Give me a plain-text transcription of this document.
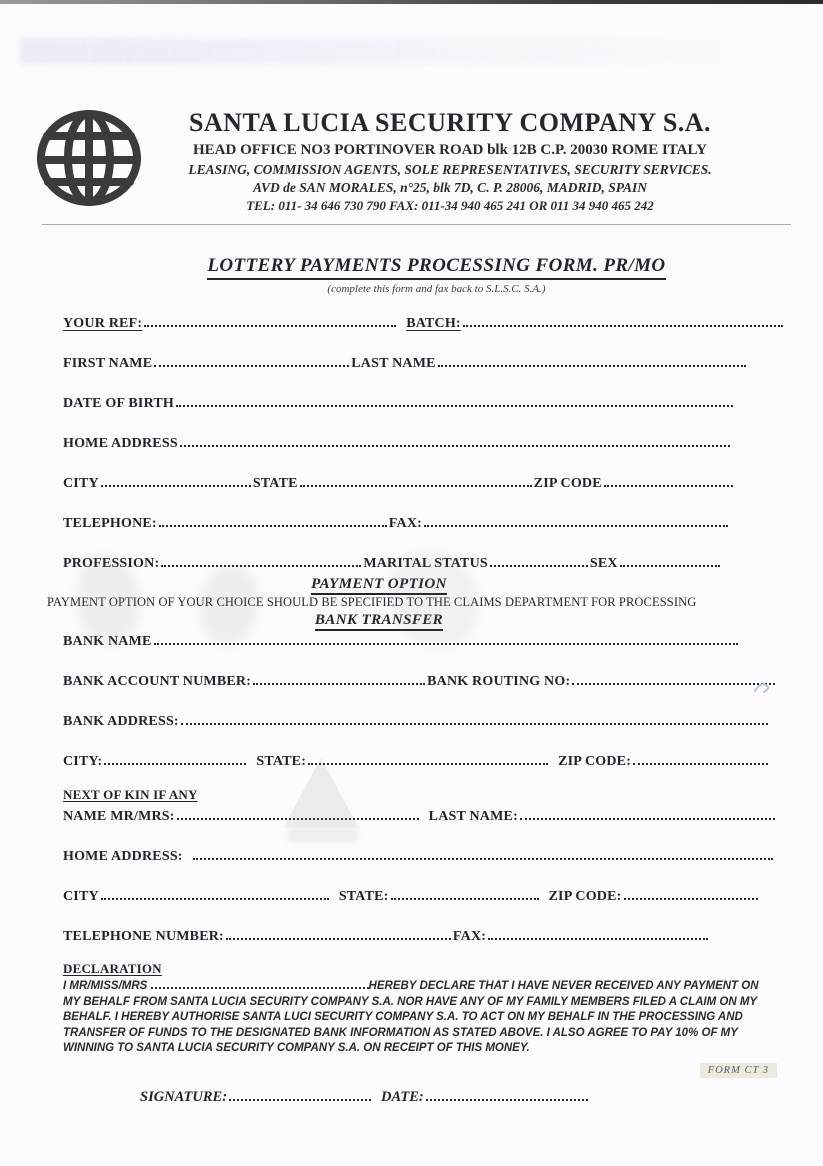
SANTA LUCIA SECURITY COMPANY S.A.
HEAD OFFICE NO3 PORTINOVER ROAD blk 12B C.P. 20030 ROME ITALY
LEASING, COMMISSION AGENTS, SOLE REPRESENTATIVES, SECURITY SERVICES.
AVD de SAN MORALES, n°25, blk 7D, C. P. 28006, MADRID, SPAIN
TEL: 011- 34 646 730 790 FAX: 011-34 940 465 241 OR 011 34 940 465 242
LOTTERY PAYMENTS PROCESSING FORM. PR/MO
(complete this form and fax back to S.L.S.C. S.A.)
YOUR REF:	BATCH:
FIRST NAME	LAST NAME
DATE OF BIRTH
HOME ADDRESS
CITY	STATE	ZIP CODE
TELEPHONE:	FAX:
PROFESSION:	MARITAL STATUS	SEX
PAYMENT OPTION
PAYMENT OPTION OF YOUR CHOICE SHOULD BE SPECIFIED TO THE CLAIMS DEPARTMENT FOR PROCESSING
BANK TRANSFER
BANK NAME
BANK ACCOUNT NUMBER:	BANK ROUTING NO:
BANK ADDRESS:
CITY:	STATE:	ZIP CODE:
NEXT OF KIN IF ANY
NAME MR/MRS:	LAST NAME:
HOME ADDRESS:
CITY	STATE:	ZIP CODE:
TELEPHONE NUMBER:	FAX:
DECLARATION

I MR/MISS/MRS	HEREBY DECLARE THAT I HAVE NEVER RECEIVED ANY PAYMENT ON MY BEHALF FROM SANTA LUCIA SECURITY COMPANY S.A. NOR HAVE ANY OF MY FAMILY MEMBERS FILED A CLAIM ON MY BEHALF. I HEREBY AUTHORISE SANTA LUCI SECURITY COMPANY S.A. TO ACT ON MY BEHALF IN THE PROCESSING AND TRANSFER OF FUNDS TO THE DESIGNATED BANK INFORMATION AS STATED ABOVE. I ALSO AGREE TO PAY 10% OF MY WINNING TO SANTA LUCIA SECURITY COMPANY S.A. ON RECEIPT OF THIS MONEY.

SIGNATURE:	DATE:
FORM CT 3
